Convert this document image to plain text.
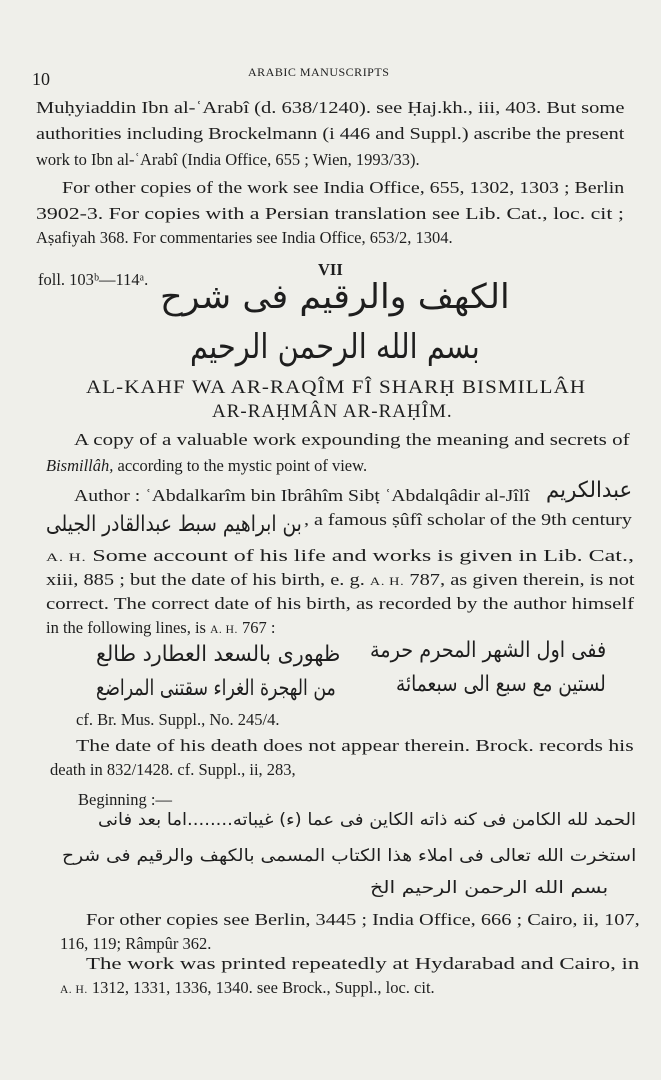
10	ARABIC MANUSCRIPTS
Muḥyiaddin Ibn al-ʿArabî (d. 638/1240). see Ḥaj.kh., iii, 403. But some
authorities including Brockelmann (i 446 and Suppl.) ascribe the present
work to Ibn al-ʿArabî (India Office, 655 ; Wien, 1993/33).
For other copies of the work see India Office, 655, 1302, 1303 ; Berlin
3902-3. For copies with a Persian translation see Lib. Cat., loc. cit ;
Aṣafiyah 368. For commentaries see India Office, 653/2, 1304.
foll. 103ᵇ—114ᵃ.
VII
الكهف والرقيم فى شرح
بسم الله الرحمن الرحيم
AL-KAHF WA AR-RAQÎM FÎ SHARḤ BISMILLÂH
AR-RAḤMÂN AR-RAḤÎM.
A copy of a valuable work expounding the meaning and secrets of
Bismillâh, according to the mystic point of view.
Author : ʿAbdalkarîm bin Ibrâhîm Sibṭ ʿAbdalqâdir al-Jîlî عبدالكريم
بن ابراهيم سبط عبدالقادر الجيلى , a famous ṣûfî scholar of the 9th century
A. H. Some account of his life and works is given in Lib. Cat.,
xiii, 885 ; but the date of his birth, e. g. A. H. 787, as given therein, is not
correct. The correct date of his birth, as recorded by the author himself
in the following lines, is A. H. 767 :
ففى اول الشهر المحرم حرمة
ظهورى بالسعد العطارد طالع
لستين مع سبع الى سبعمائة
من الهجرة الغراء سقتنى المراضع
cf. Br. Mus. Suppl., No. 245/4.
The date of his death does not appear therein. Brock. records his
death in 832/1428. cf. Suppl., ii, 283,
Beginning :—
الحمد لله الكامن فى كنه ذاته الكاين فى عما (ء) غيباته........اما بعد فانى
استخرت الله تعالى فى املاء هذا الكتاب المسمى بالكهف والرقيم فى شرح
بسم الله الرحمن الرحيم الخ
For other copies see Berlin, 3445 ; India Office, 666 ; Cairo, ii, 107,
116, 119; Râmpûr 362.
The work was printed repeatedly at Hydarabad and Cairo, in
A. H. 1312, 1331, 1336, 1340. see Brock., Suppl., loc. cit.
